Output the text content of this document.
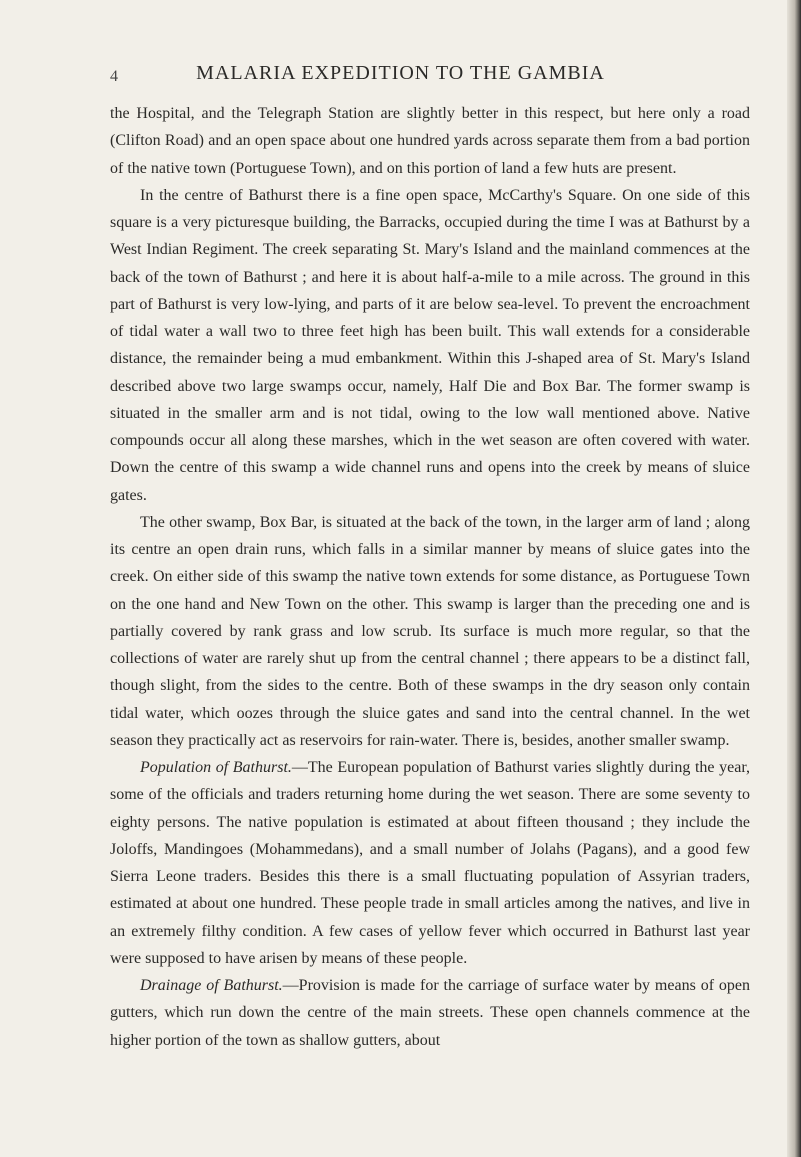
4	MALARIA EXPEDITION TO THE GAMBIA

the Hospital, and the Telegraph Station are slightly better in this respect, but here only a road (Clifton Road) and an open space about one hundred yards across separate them from a bad portion of the native town (Portuguese Town), and on this portion of land a few huts are present.

In the centre of Bathurst there is a fine open space, McCarthy's Square. On one side of this square is a very picturesque building, the Barracks, occupied during the time I was at Bathurst by a West Indian Regiment. The creek separating St. Mary's Island and the mainland commences at the back of the town of Bathurst ; and here it is about half-a-mile to a mile across. The ground in this part of Bathurst is very low-lying, and parts of it are below sea-level. To prevent the encroachment of tidal water a wall two to three feet high has been built. This wall extends for a considerable distance, the remainder being a mud embankment. Within this J-shaped area of St. Mary's Island described above two large swamps occur, namely, Half Die and Box Bar. The former swamp is situated in the smaller arm and is not tidal, owing to the low wall mentioned above. Native compounds occur all along these marshes, which in the wet season are often covered with water. Down the centre of this swamp a wide channel runs and opens into the creek by means of sluice gates.

The other swamp, Box Bar, is situated at the back of the town, in the larger arm of land ; along its centre an open drain runs, which falls in a similar manner by means of sluice gates into the creek. On either side of this swamp the native town extends for some distance, as Portuguese Town on the one hand and New Town on the other. This swamp is larger than the preceding one and is partially covered by rank grass and low scrub. Its surface is much more regular, so that the collections of water are rarely shut up from the central channel ; there appears to be a distinct fall, though slight, from the sides to the centre. Both of these swamps in the dry season only contain tidal water, which oozes through the sluice gates and sand into the central channel. In the wet season they practically act as reservoirs for rain-water. There is, besides, another smaller swamp.

Population of Bathurst.—The European population of Bathurst varies slightly during the year, some of the officials and traders returning home during the wet season. There are some seventy to eighty persons. The native population is estimated at about fifteen thousand ; they include the Joloffs, Mandingoes (Mohammedans), and a small number of Jolahs (Pagans), and a good few Sierra Leone traders. Besides this there is a small fluctuating population of Assyrian traders, estimated at about one hundred. These people trade in small articles among the natives, and live in an extremely filthy condition. A few cases of yellow fever which occurred in Bathurst last year were supposed to have arisen by means of these people.

Drainage of Bathurst.—Provision is made for the carriage of surface water by means of open gutters, which run down the centre of the main streets. These open channels commence at the higher portion of the town as shallow gutters, about
